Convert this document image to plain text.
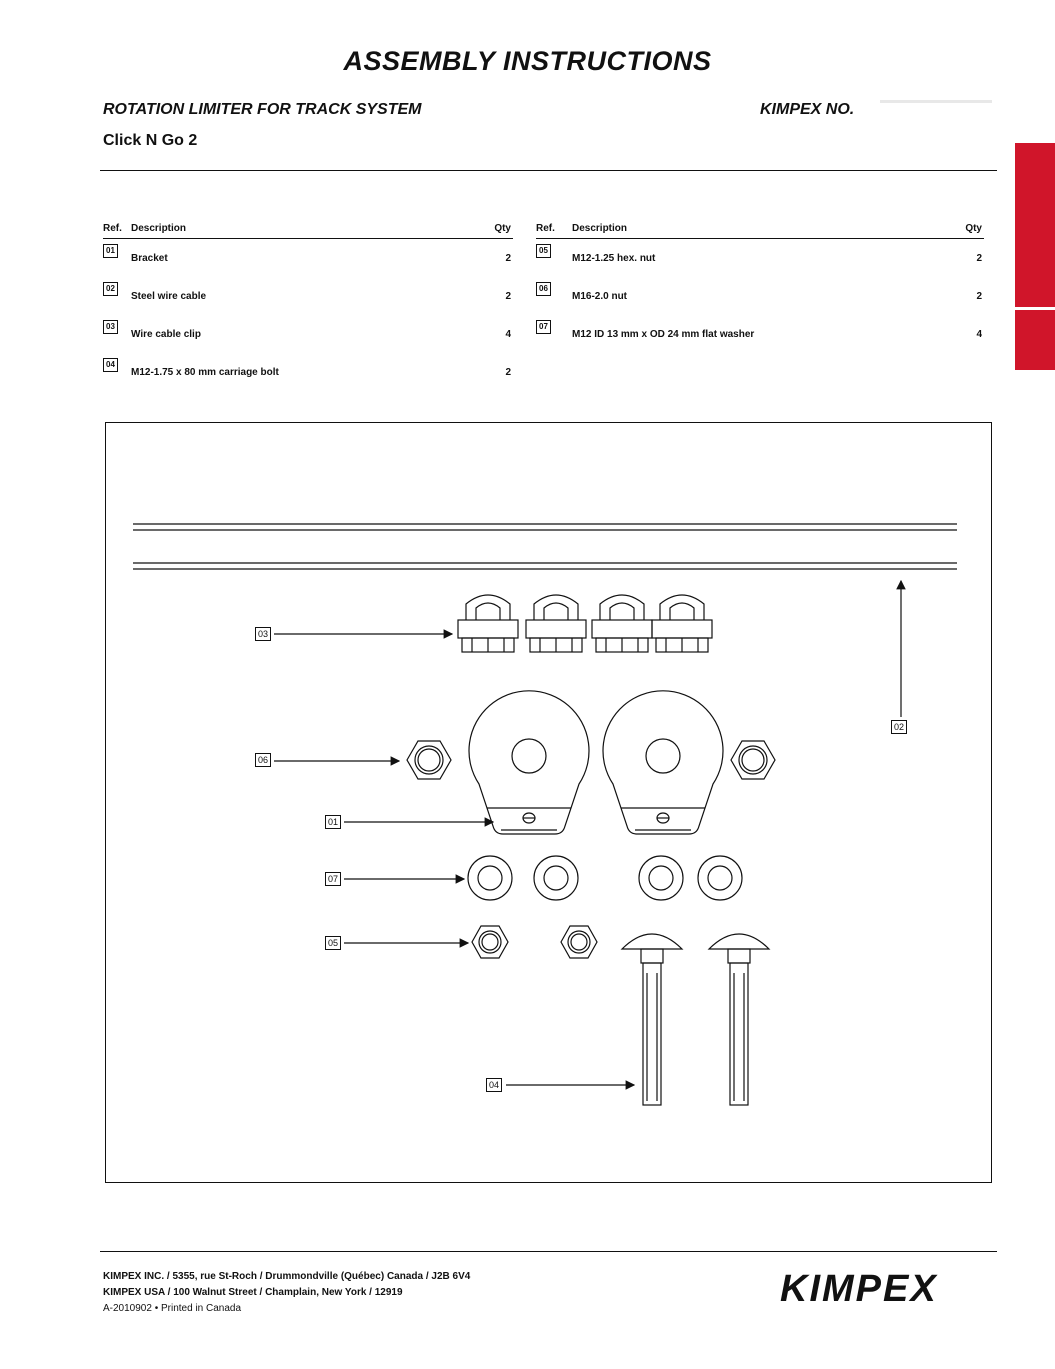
ASSEMBLY INSTRUCTIONS
ROTATION LIMITER FOR TRACK SYSTEM	KIMPEX NO.
Click N Go 2
Ref.	Description	Qty
01	Bracket	2
02	Steel wire cable	2
03	Wire cable clip	4
04	M12-1.75 x 80 mm carriage bolt	2
Ref.	Description	Qty
05	M12-1.25 hex. nut	2
06	M16-2.0 nut	2
07	M12 ID 13 mm x OD 24 mm flat washer	4
03
02
06
01
07
05
04
KIMPEX INC. / 5355, rue St-Roch / Drummondville (Québec) Canada / J2B 6V4
KIMPEX USA / 100 Walnut Street / Champlain, New York / 12919
A-2010902 • Printed in Canada	KIMPEX
